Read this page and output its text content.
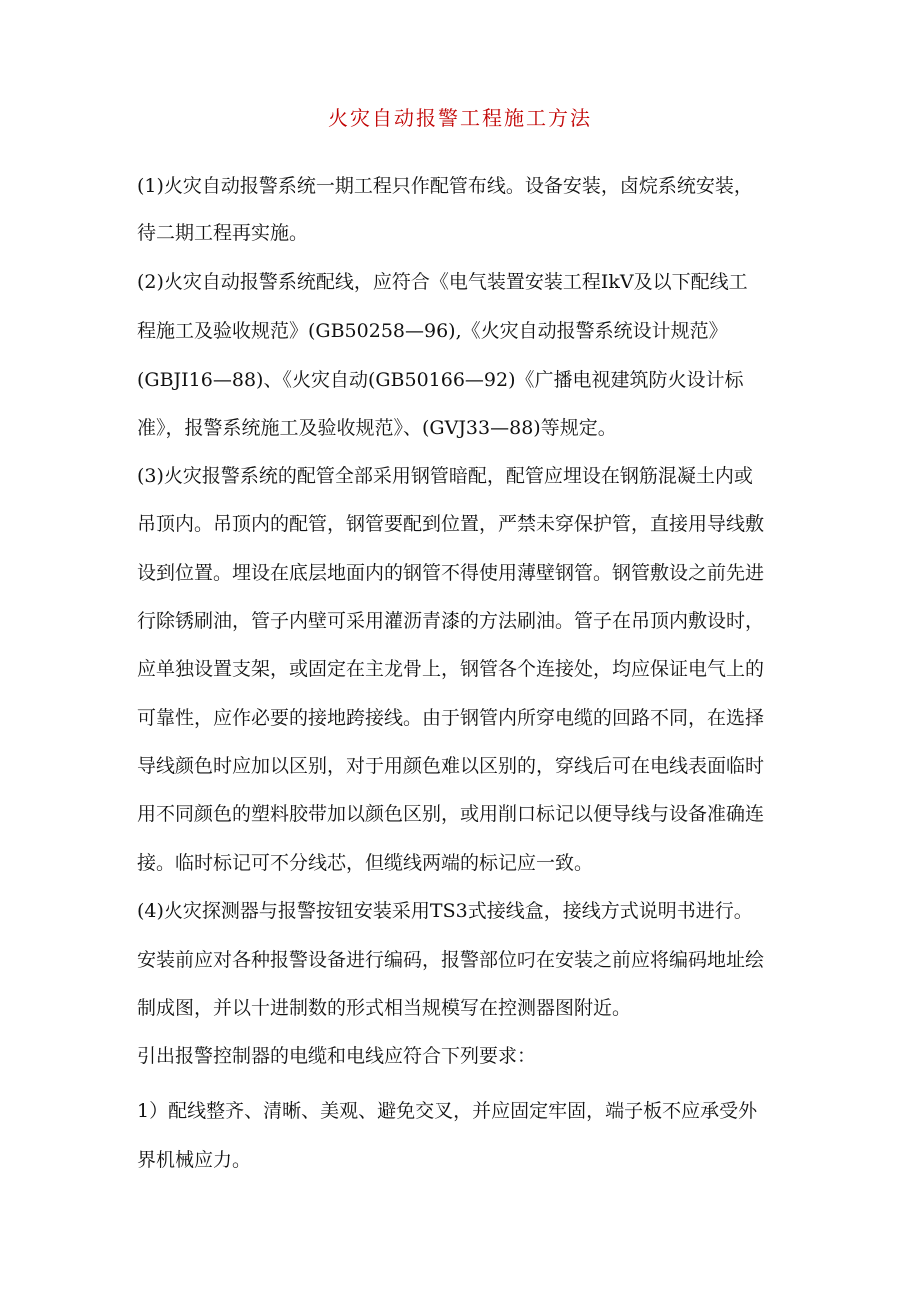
火灾自动报警工程施工方法

(1)火灾自动报警系统一期工程只作配管布线。设备安装，卤烷系统安装，

待二期工程再实施。

(2)火灾自动报警系统配线，应符合《电气装置安装工程IkV及以下配线工

程施工及验收规范》(GB50258—96),《火灾自动报警系统设计规范》

(GBJI16—88)、《火灾自动(GB50166—92)《广播电视建筑防火设计标

准》，报警系统施工及验收规范》、(GVJ33—88)等规定。

(3)火灾报警系统的配管全部采用钢管暗配，配管应埋设在钢筋混凝土内或

吊顶内。吊顶内的配管，钢管要配到位置，严禁未穿保护管，直接用导线敷

设到位置。埋设在底层地面内的钢管不得使用薄壁钢管。钢管敷设之前先进

行除锈刷油，管子内壁可采用灌沥青漆的方法刷油。管子在吊顶内敷设时，

应单独设置支架，或固定在主龙骨上，钢管各个连接处，均应保证电气上的

可靠性，应作必要的接地跨接线。由于钢管内所穿电缆的回路不同，在选择

导线颜色时应加以区别，对于用颜色难以区别的，穿线后可在电线表面临时

用不同颜色的塑料胶带加以颜色区别，或用削口标记以便导线与设备准确连

接。临时标记可不分线芯，但缆线两端的标记应一致。

(4)火灾探测器与报警按钮安装采用TS3式接线盒，接线方式说明书进行。

安装前应对各种报警设备进行编码，报警部位叼在安装之前应将编码地址绘

制成图，并以十进制数的形式相当规模写在控测器图附近。

引出报警控制器的电缆和电线应符合下列要求：

1）配线整齐、清晰、美观、避免交叉，并应固定牢固，端子板不应承受外

界机械应力。
